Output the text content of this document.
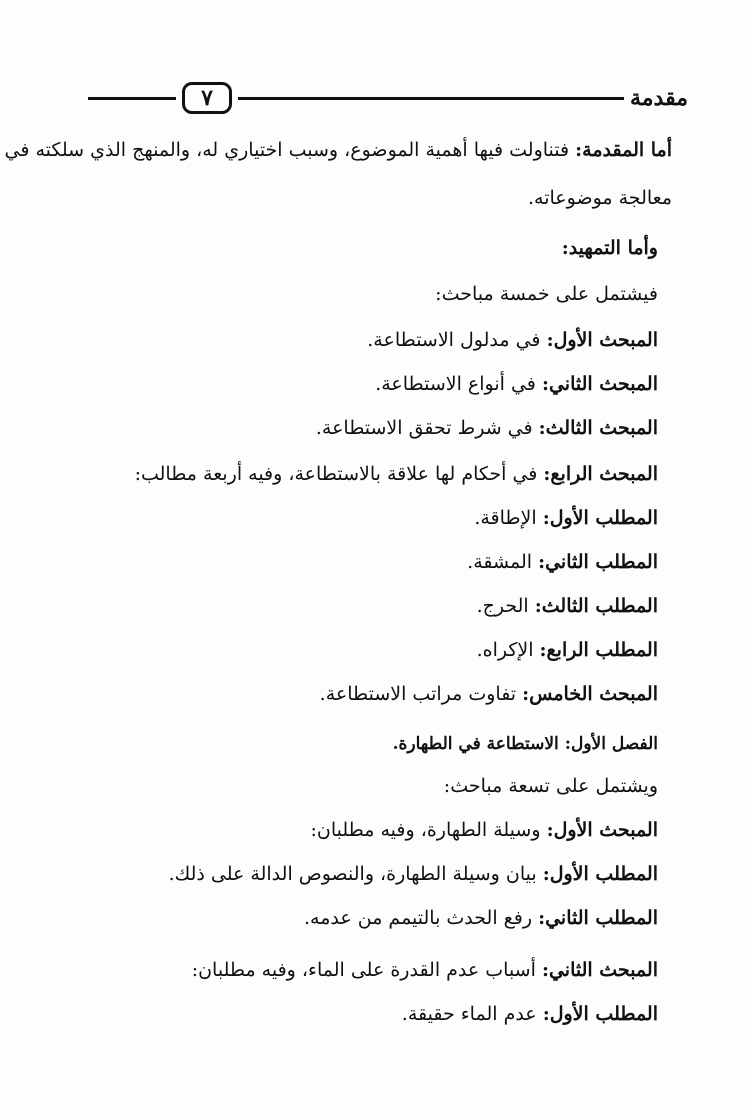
مقدمة
٧
أما المقدمة: فتناولت فيها أهمية الموضوع، وسبب اختياري له، والمنهج الذي سلكته في
معالجة موضوعاته.
وأما التمهيد:
فيشتمل على خمسة مباحث:
المبحث الأول: في مدلول الاستطاعة.
المبحث الثاني: في أنواع الاستطاعة.
المبحث الثالث: في شرط تحقق الاستطاعة.
المبحث الرابع: في أحكام لها علاقة بالاستطاعة، وفيه أربعة مطالب:
المطلب الأول: الإطاقة.
المطلب الثاني: المشقة.
المطلب الثالث: الحرج.
المطلب الرابع: الإكراه.
المبحث الخامس: تفاوت مراتب الاستطاعة.
الفصل الأول: الاستطاعة في الطهارة.
ويشتمل على تسعة مباحث:
المبحث الأول: وسيلة الطهارة، وفيه مطلبان:
المطلب الأول: بيان وسيلة الطهارة، والنصوص الدالة على ذلك.
المطلب الثاني: رفع الحدث بالتيمم من عدمه.
المبحث الثاني: أسباب عدم القدرة على الماء، وفيه مطلبان:
المطلب الأول: عدم الماء حقيقة.
